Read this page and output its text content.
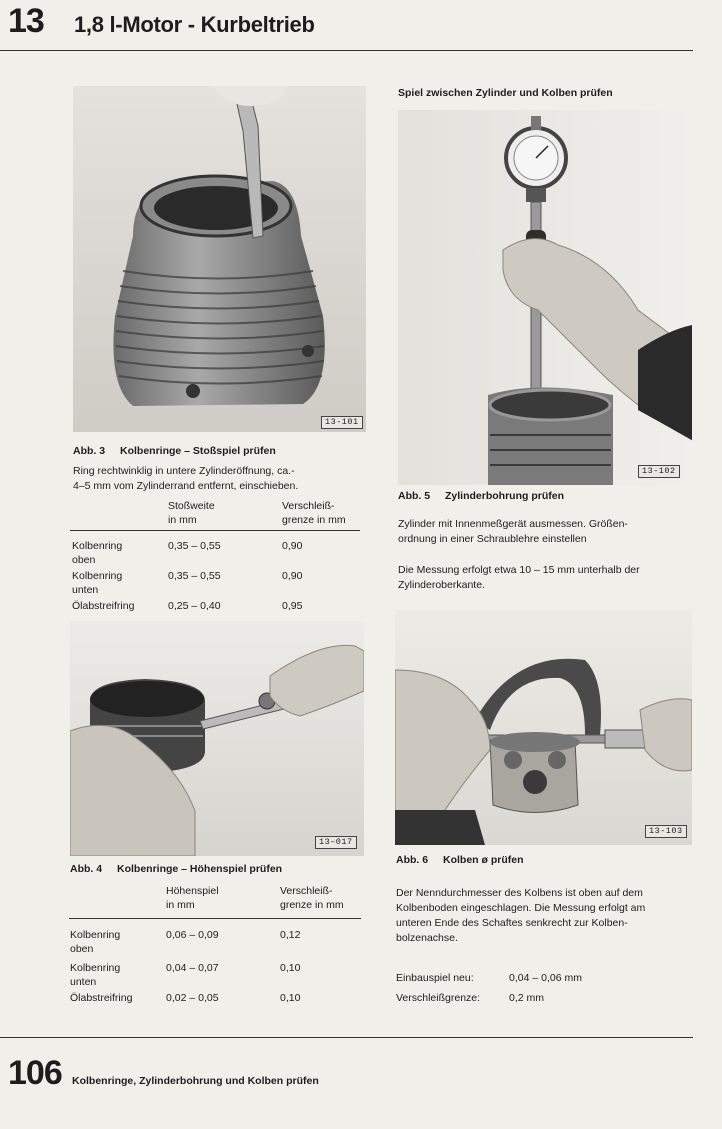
13 1,8 l-Motor - Kurbeltrieb
13-101
Abb. 3 Kolbenringe – Stoßspiel prüfen
Ring rechtwinklig in untere Zylinderöffnung, ca.-
4–5 mm vom Zylinderrand entfernt, einschieben.
Stoßweite
in mm
Verschleiß-
grenze in mm
Kolbenring
oben
0,35 – 0,55	0,90
Kolbenring
unten
0,35 – 0,55	0,90
Ölabstreifring	0,25 – 0,40	0,95
13–017
Abb. 4 Kolbenringe – Höhenspiel prüfen
Höhenspiel
in mm
Verschleiß-
grenze in mm
Kolbenring
oben
0,06 – 0,09	0,12
Kolbenring
unten
0,04 – 0,07	0,10
Ölabstreifring	0,02 – 0,05	0,10
Spiel zwischen Zylinder und Kolben prüfen
13-102
Abb. 5 Zylinderbohrung prüfen
Zylinder mit Innenmeßgerät ausmessen. Größen-
ordnung in einer Schraublehre einstellen
Die Messung erfolgt etwa 10 – 15 mm unterhalb der
Zylinderoberkante.
13-103
Abb. 6 Kolben ø prüfen
Der Nenndurchmesser des Kolbens ist oben auf dem
Kolbenboden eingeschlagen. Die Messung erfolgt am
unteren Ende des Schaftes senkrecht zur Kolben-
bolzenachse.
Einbauspiel neu:	0,04 – 0,06 mm
Verschleißgrenze:	0,2 mm
106 Kolbenringe, Zylinderbohrung und Kolben prüfen
